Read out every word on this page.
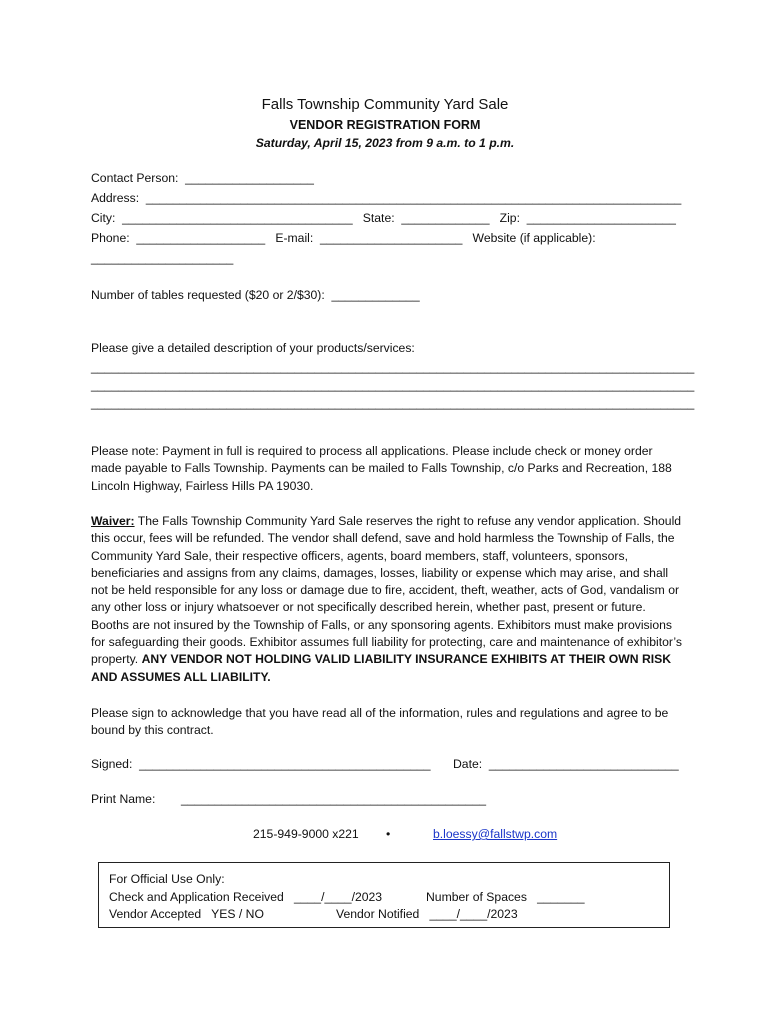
Falls Township Community Yard Sale
VENDOR REGISTRATION FORM
Saturday, April 15, 2023 from 9 a.m. to 1 p.m.
Contact Person:  ___________________
Address:  _______________________________________________________________________________
City:  __________________________________   State:  _____________   Zip:  ______________________
Phone:  ___________________   E-mail:  _____________________   Website (if applicable):
_____________________
Number of tables requested ($20 or 2/$30):  _____________
Please give a detailed description of your products/services:
_________________________________________________________________________________________
_________________________________________________________________________________________
_________________________________________________________________________________________
Please note: Payment in full is required to process all applications. Please include check or money order made payable to Falls Township. Payments can be mailed to Falls Township, c/o Parks and Recreation, 188 Lincoln Highway, Fairless Hills PA 19030.
Waiver: The Falls Township Community Yard Sale reserves the right to refuse any vendor application. Should this occur, fees will be refunded. The vendor shall defend, save and hold harmless the Township of Falls, the Community Yard Sale, their respective officers, agents, board members, staff, volunteers, sponsors, beneficiaries and assigns from any claims, damages, losses, liability or expense which may arise, and shall not be held responsible for any loss or damage due to fire, accident, theft, weather, acts of God, vandalism or any other loss or injury whatsoever or not specifically described herein, whether past, present or future. Booths are not insured by the Township of Falls, or any sponsoring agents. Exhibitors must make provisions for safeguarding their goods. Exhibitor assumes full liability for protecting, care and maintenance of exhibitor’s property. ANY VENDOR NOT HOLDING VALID LIABILITY INSURANCE EXHIBITS AT THEIR OWN RISK AND ASSUMES ALL LIABILITY.
Please sign to acknowledge that you have read all of the information, rules and regulations and agree to be bound by this contract.
Signed:  ___________________________________________ Date:  ____________________________
Print Name: _____________________________________________
215-949-9000 x221 •	b.loessy@fallstwp.com
For Official Use Only:
Check and Application Received   ____/____/2023	Number of Spaces   _______
Vendor Accepted   YES / NO	Vendor Notified   ____/____/2023
